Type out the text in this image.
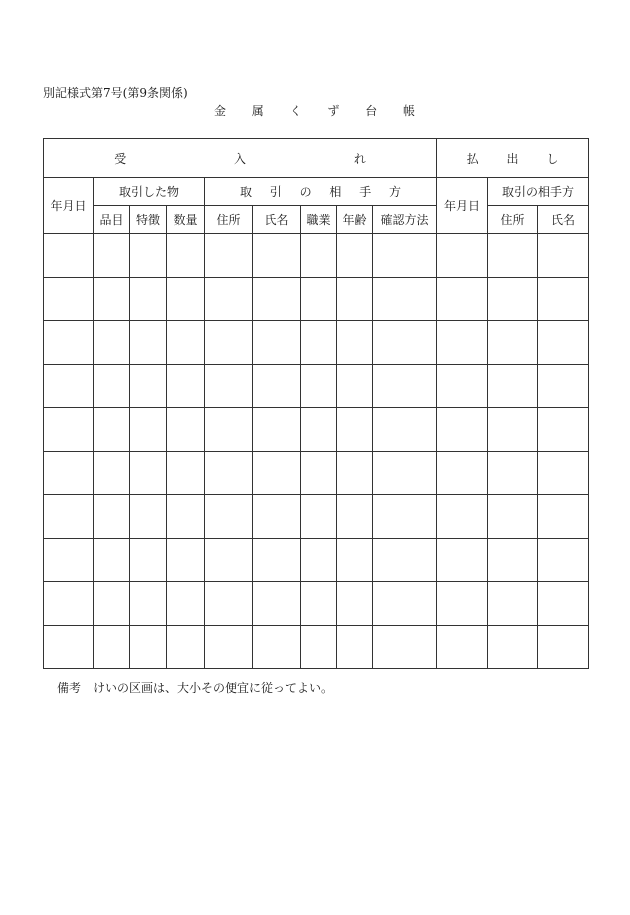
別記様式第7号(第9条関係)
金 属 く ず 台 帳
受 入 れ									払 出 し		
年月日	取引した物			取 引 の 相 手 方					年月日	取引の相手方	
	品目	特徴	数量	住所	氏名	職業	年齢	確認方法		住所	氏名

備考 けいの区画は、大小その便宜に従ってよい。
